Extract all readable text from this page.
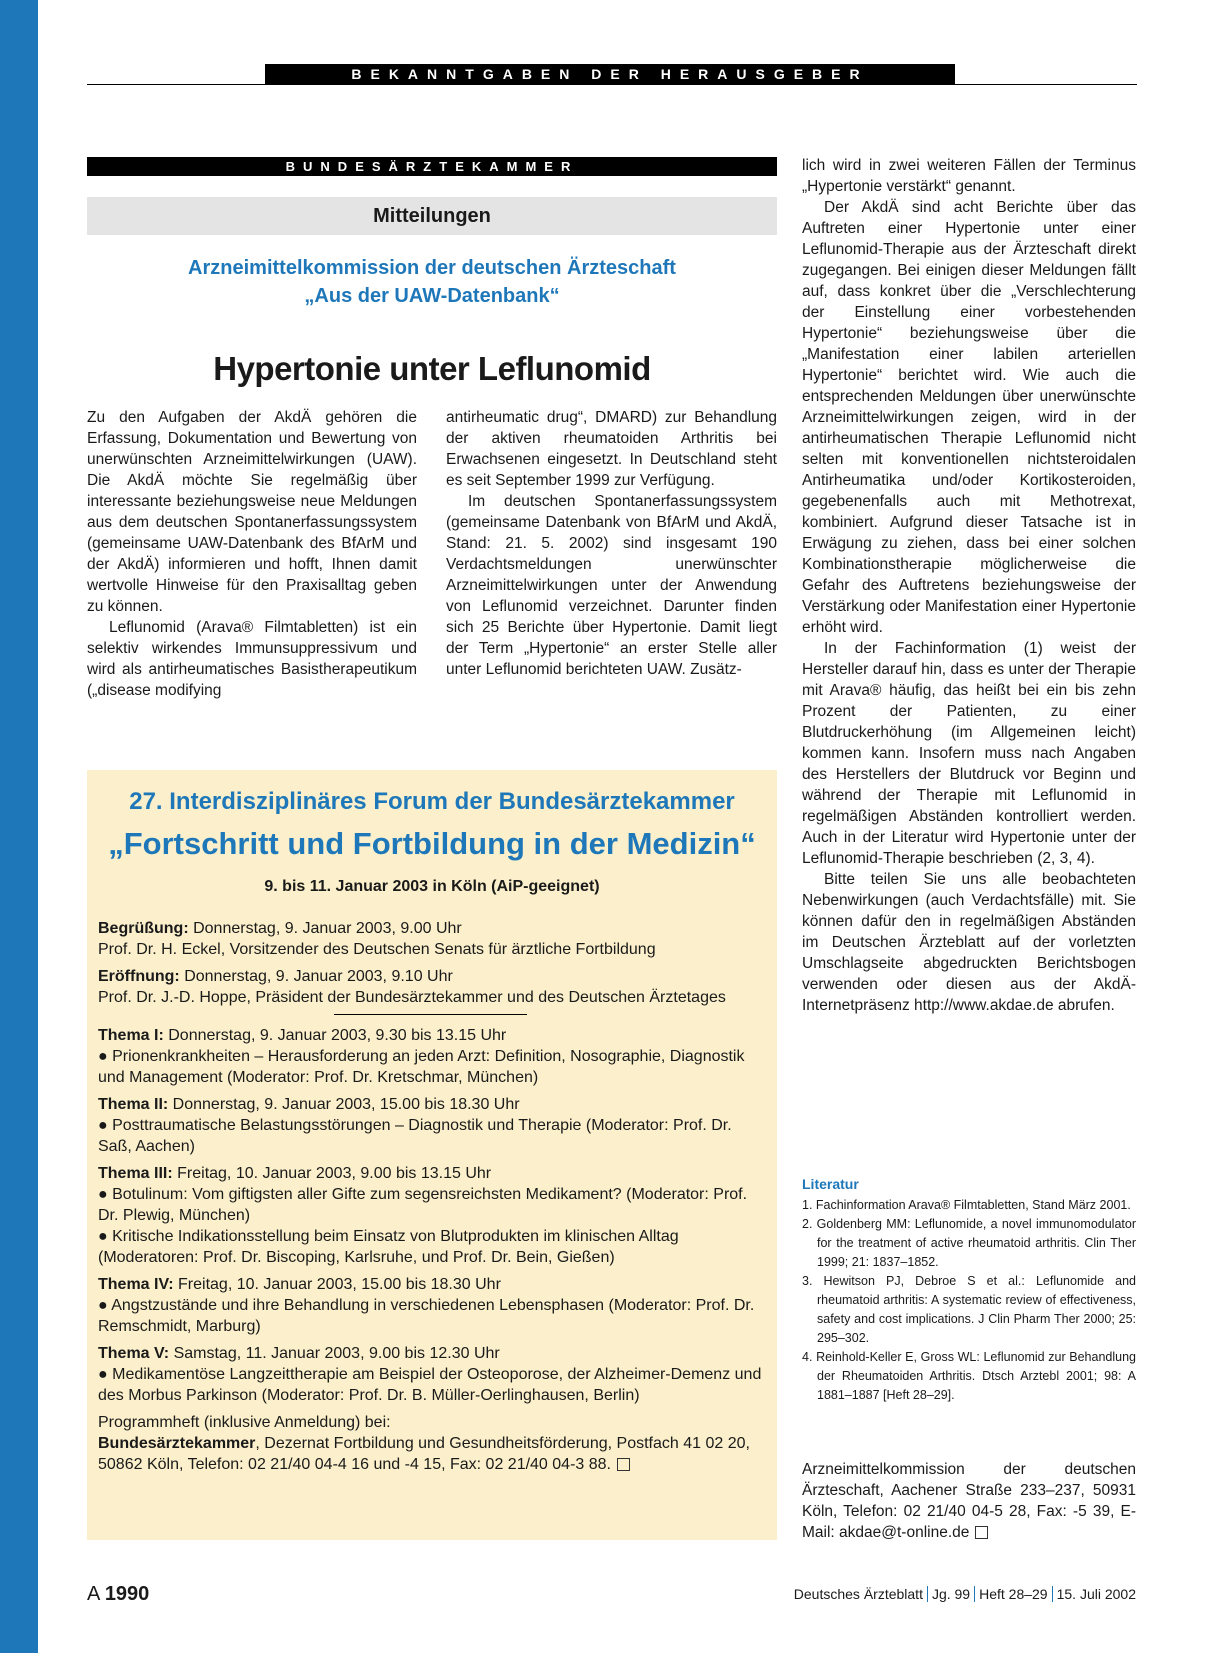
BEKANNTGABEN DER HERAUSGEBER
BUNDESÄRZTEKAMMER
Mitteilungen
Arzneimittelkommission der deutschen Ärzteschaft
„Aus der UAW-Datenbank“
Hypertonie unter Leflunomid

Zu den Aufgaben der AkdÄ gehören die Erfassung, Dokumentation und Bewertung von unerwünschten Arzneimittelwirkungen (UAW). Die AkdÄ möchte Sie regelmäßig über interessante beziehungsweise neue Meldungen aus dem deutschen Spontanerfassungssystem (gemeinsame UAW-Datenbank des BfArM und der AkdÄ) informieren und hofft, Ihnen damit wertvolle Hinweise für den Praxisalltag geben zu können.

Leflunomid (Arava® Filmtabletten) ist ein selektiv wirkendes Immunsuppressivum und wird als antirheumatisches Basistherapeutikum („disease modifying

antirheumatic drug“, DMARD) zur Behandlung der aktiven rheumatoiden Arthritis bei Erwachsenen eingesetzt. In Deutschland steht es seit September 1999 zur Verfügung.

Im deutschen Spontanerfassungssystem (gemeinsame Datenbank von BfArM und AkdÄ, Stand: 21. 5. 2002) sind insgesamt 190 Verdachtsmeldungen unerwünschter Arzneimittelwirkungen unter der Anwendung von Leflunomid verzeichnet. Darunter finden sich 25 Berichte über Hypertonie. Damit liegt der Term „Hypertonie“ an erster Stelle aller unter Leflunomid berichteten UAW. Zusätz-

lich wird in zwei weiteren Fällen der Terminus „Hypertonie verstärkt“ genannt.

Der AkdÄ sind acht Berichte über das Auftreten einer Hypertonie unter einer Leflunomid-Therapie aus der Ärzteschaft direkt zugegangen. Bei einigen dieser Meldungen fällt auf, dass konkret über die „Verschlechterung der Einstellung einer vorbestehenden Hypertonie“ beziehungsweise über die „Manifestation einer labilen arteriellen Hypertonie“ berichtet wird. Wie auch die entsprechenden Meldungen über unerwünschte Arzneimittelwirkungen zeigen, wird in der antirheumatischen Therapie Leflunomid nicht selten mit konventionellen nichtsteroidalen Antirheumatika und/oder Kortikosteroiden, gegebenenfalls auch mit Methotrexat, kombiniert. Aufgrund dieser Tatsache ist in Erwägung zu ziehen, dass bei einer solchen Kombinationstherapie möglicherweise die Gefahr des Auftretens beziehungsweise der Verstärkung oder Manifestation einer Hypertonie erhöht wird.

In der Fachinformation (1) weist der Hersteller darauf hin, dass es unter der Therapie mit Arava® häufig, das heißt bei ein bis zehn Prozent der Patienten, zu einer Blutdruckerhöhung (im Allgemeinen leicht) kommen kann. Insofern muss nach Angaben des Herstellers der Blutdruck vor Beginn und während der Therapie mit Leflunomid in regelmäßigen Abständen kontrolliert werden. Auch in der Literatur wird Hypertonie unter der Leflunomid-Therapie beschrieben (2, 3, 4).

Bitte teilen Sie uns alle beobachteten Nebenwirkungen (auch Verdachtsfälle) mit. Sie können dafür den in regelmäßigen Abständen im Deutschen Ärzteblatt auf der vorletzten Umschlagseite abgedruckten Berichtsbogen verwenden oder diesen aus der AkdÄ-Internetpräsenz http://www.akdae.de abrufen.

27. Interdisziplinäres Forum der Bundesärztekammer
„Fortschritt und Fortbildung in der Medizin“
9. bis 11. Januar 2003 in Köln (AiP-geeignet)
Begrüßung: Donnerstag, 9. Januar 2003, 9.00 Uhr
Prof. Dr. H. Eckel, Vorsitzender des Deutschen Senats für ärztliche Fortbildung
Eröffnung: Donnerstag, 9. Januar 2003, 9.10 Uhr
Prof. Dr. J.-D. Hoppe, Präsident der Bundesärztekammer und des Deutschen Ärztetages
Thema I: Donnerstag, 9. Januar 2003, 9.30 bis 13.15 Uhr
● Prionenkrankheiten – Herausforderung an jeden Arzt: Definition, Nosographie, Diagnostik und Management (Moderator: Prof. Dr. Kretschmar, München)
Thema II: Donnerstag, 9. Januar 2003, 15.00 bis 18.30 Uhr
● Posttraumatische Belastungsstörungen – Diagnostik und Therapie (Moderator: Prof. Dr. Saß, Aachen)
Thema III: Freitag, 10. Januar 2003, 9.00 bis 13.15 Uhr
● Botulinum: Vom giftigsten aller Gifte zum segensreichsten Medikament? (Moderator: Prof. Dr. Plewig, München)
● Kritische Indikationsstellung beim Einsatz von Blutprodukten im klinischen Alltag (Moderatoren: Prof. Dr. Biscoping, Karlsruhe, und Prof. Dr. Bein, Gießen)
Thema IV: Freitag, 10. Januar 2003, 15.00 bis 18.30 Uhr
● Angstzustände und ihre Behandlung in verschiedenen Lebensphasen (Moderator: Prof. Dr. Remschmidt, Marburg)
Thema V: Samstag, 11. Januar 2003, 9.00 bis 12.30 Uhr
● Medikamentöse Langzeittherapie am Beispiel der Osteoporose, der Alzheimer-Demenz und des Morbus Parkinson (Moderator: Prof. Dr. B. Müller-Oerlinghausen, Berlin)
Programmheft (inklusive Anmeldung) bei:
Bundesärztekammer, Dezernat Fortbildung und Gesundheitsförderung, Postfach 41 02 20, 50862 Köln, Telefon: 02 21/40 04-4 16 und -4 15, Fax: 02 21/40 04-3 88.
Literatur
1. Fachinformation Arava® Filmtabletten, Stand März 2001.
2. Goldenberg MM: Leflunomide, a novel immunomodulator for the treatment of active rheumatoid arthritis. Clin Ther 1999; 21: 1837–1852.
3. Hewitson PJ, Debroe S et al.: Leflunomide and rheumatoid arthritis: A systematic review of effectiveness, safety and cost implications. J Clin Pharm Ther 2000; 25: 295–302.
4. Reinhold-Keller E, Gross WL: Leflunomid zur Behandlung der Rheumatoiden Arthritis. Dtsch Arztebl 2001; 98: A 1881–1887 [Heft 28–29].
Arzneimittelkommission der deutschen Ärzteschaft, Aachener Straße 233–237, 50931 Köln, Telefon: 02 21/40 04-5 28, Fax: -5 39, E-Mail: akdae@t-online.de
A 1990	Deutsches Ärzteblatt Jg. 99 Heft 28–29 15. Juli 2002
